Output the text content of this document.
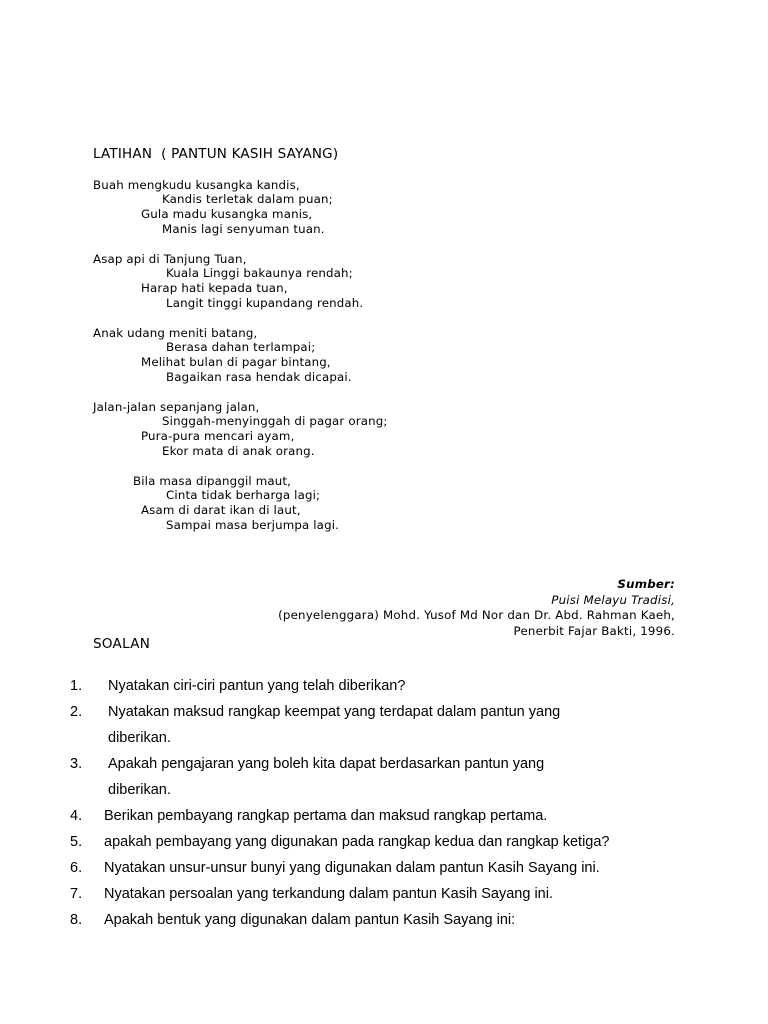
LATIHAN  ( PANTUN KASIH SAYANG)
Buah mengkudu kusangka kandis,
Kandis terletak dalam puan;
Gula madu kusangka manis,
Manis lagi senyuman tuan.
Asap api di Tanjung Tuan,
Kuala Linggi bakaunya rendah;
Harap hati kepada tuan,
Langit tinggi kupandang rendah.
Anak udang meniti batang,
Berasa dahan terlampai;
Melihat bulan di pagar bintang,
Bagaikan rasa hendak dicapai.
Jalan-jalan sepanjang jalan,
Singgah-menyinggah di pagar orang;
Pura-pura mencari ayam,
Ekor mata di anak orang.
Bila masa dipanggil maut,
Cinta tidak berharga lagi;
Asam di darat ikan di laut,
Sampai masa berjumpa lagi.
Sumber:
Puisi Melayu Tradisi,
(penyelenggara) Mohd. Yusof Md Nor dan Dr. Abd. Rahman Kaeh,
Penerbit Fajar Bakti, 1996.
SOALAN
1. Nyatakan ciri-ciri pantun yang telah diberikan?
2. Nyatakan maksud rangkap keempat yang terdapat dalam pantun yang
diberikan.
3. Apakah pengajaran yang boleh kita dapat berdasarkan pantun yang
diberikan.
4. Berikan pembayang rangkap pertama dan maksud rangkap pertama.
5. apakah pembayang yang digunakan pada rangkap kedua dan rangkap ketiga?
6. Nyatakan unsur-unsur bunyi yang digunakan dalam pantun Kasih Sayang ini.
7. Nyatakan persoalan yang terkandung dalam pantun Kasih Sayang ini.
8. Apakah bentuk yang digunakan dalam pantun Kasih Sayang ini:
